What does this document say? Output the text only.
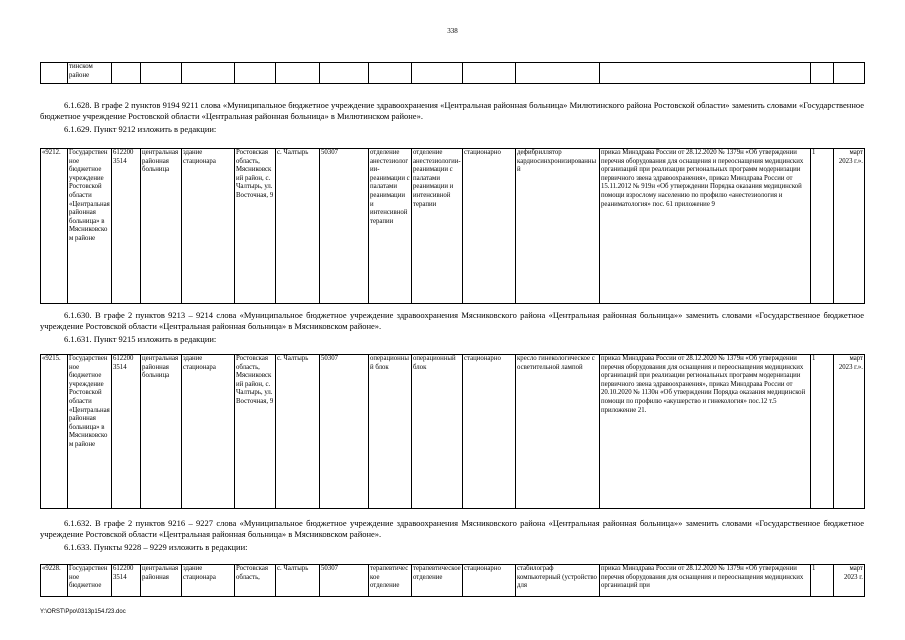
338
	тинском районе													

6.1.628. В графе 2 пунктов 9194 9211 слова «Муниципальное бюджетное учреждение здравоохранения «Центральная районная больница» Милютинского района Ростовской области» заменить словами «Государственное бюджетное учреждение Ростовской области «Центральная районная больница» в Милютинском районе».

6.1.629. Пункт 9212 изложить в редакции:

«9212.	Государственное бюджетное учреждение Ростовской области «Центральная районная больница» в Мясниковском районе	612200 3514	центральная районная больница	здание стационара	Ростовская область, Мясниковский район, с. Чалтырь, ул. Восточная, 9	с. Чалтырь	50307	отделение анестезиологии-реанимации с палатами реанимации и интенсивной терапии	отделение анестезиологии-реанимации с палатами реанимации и интенсивной терапии	стационарно	дефибриллятор кардиосинхронизированный	приказ Минздрава России от 28.12.2020 № 1379н «Об утверждении перечня оборудования для оснащения и переоснащения медицинских организаций при реализации региональных программ модернизации первичного звена здравоохранения», приказ Минздрава России от 15.11.2012 № 919н «Об утверждении Порядка оказания медицинской помощи взрослому населению по профилю «анестезиология и реаниматология» пос. 61 приложение 9	1	март 2023 г.».

6.1.630. В графе 2 пунктов 9213 – 9214 слова «Муниципальное бюджетное учреждение здравоохранения Мясниковского района «Центральная районная больница»» заменить словами «Государственное бюджетное учреждение Ростовской области «Центральная районная больница» в Мясниковском районе».

6.1.631. Пункт 9215 изложить в редакции:

«9215.	Государственное бюджетное учреждение Ростовской области «Центральная районная больница» в Мясниковском районе	612200 3514	центральная районная больница	здание стационара	Ростовская область, Мясниковский район, с. Чалтырь, ул. Восточная, 9	с. Чалтырь	50307	операционный блок	операционный блок	стационарно	кресло гинекологическое с осветительной лампой	приказ Минздрава России от 28.12.2020 № 1379н «Об утверждении перечня оборудования для оснащения и переоснащения медицинских организаций при реализации региональных программ модернизации первичного звена здравоохранения», приказ Минздрава России от 20.10.2020 № 1130н «Об утверждении Порядка оказания медицинской помощи по профилю «акушерство и гинекология» пос.12 т.5 приложение 21.	1	март 2023 г.».

6.1.632. В графе 2 пунктов 9216 – 9227 слова «Муниципальное бюджетное учреждение здравоохранения Мясниковского района «Центральная районная больница»» заменить словами «Государственное бюджетное учреждение Ростовской области «Центральная районная больница» в Мясниковском районе».

6.1.633. Пункты 9228 – 9229 изложить в редакции:

«9228.	Государственное бюджетное	612200 3514	центральная районная	здание стационара	Ростовская область,	с. Чалтырь	50307	терапевтическое отделение	терапевтическое отделение	стационарно	стабилограф компьютерный (устройство для	приказ Минздрава России от 28.12.2020 № 1379н «Об утверждении перечня оборудования для оснащения и переоснащения медицинских организаций при	1	март 2023 г.
Y:\ORST\Ppo\0313p154.f23.doc
